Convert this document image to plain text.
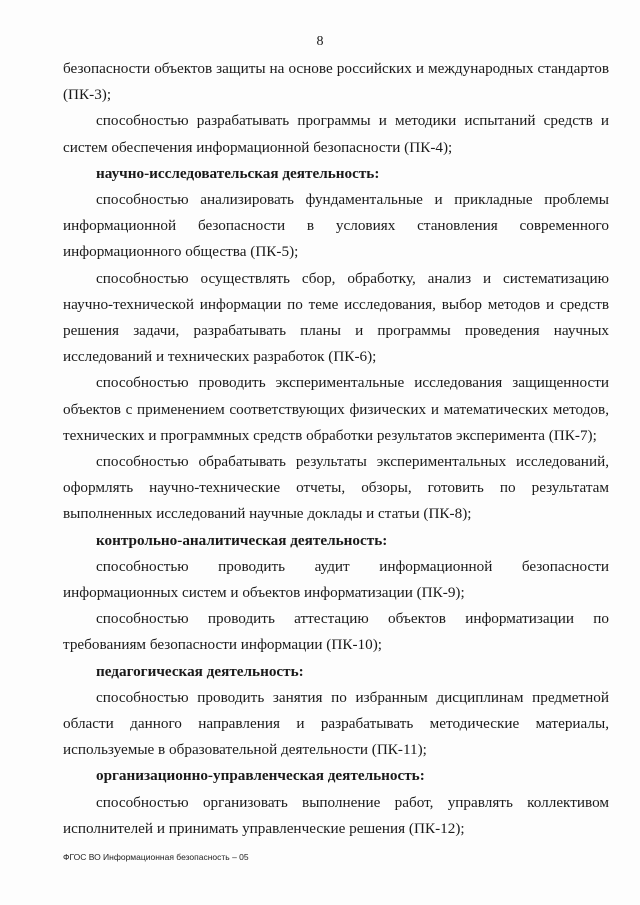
8

безопасности объектов защиты на основе российских и международных стандартов (ПК-3);

способностью разрабатывать программы и методики испытаний средств и систем обеспечения информационной безопасности (ПК-4);

научно-исследовательская деятельность:

способностью анализировать фундаментальные и прикладные проблемы информационной безопасности в условиях становления современного информационного общества (ПК-5);

способностью осуществлять сбор, обработку, анализ и систематизацию научно-технической информации по теме исследования, выбор методов и средств решения задачи, разрабатывать планы и программы проведения научных исследований и технических разработок (ПК-6);

способностью проводить экспериментальные исследования защищенности объектов с применением соответствующих физических и математических методов, технических и программных средств обработки результатов эксперимента (ПК-7);

способностью обрабатывать результаты экспериментальных исследований, оформлять научно-технические отчеты, обзоры, готовить по результатам выполненных исследований научные доклады и статьи (ПК-8);

контрольно-аналитическая деятельность:

способностью проводить аудит информационной безопасности информационных систем и объектов информатизации (ПК-9);

способностью проводить аттестацию объектов информатизации по требованиям безопасности информации (ПК-10);

педагогическая деятельность:

способностью проводить занятия по избранным дисциплинам предметной области данного направления и разрабатывать методические материалы, используемые в образовательной деятельности (ПК-11);

организационно-управленческая деятельность:

способностью организовать выполнение работ, управлять коллективом исполнителей и принимать управленческие решения (ПК-12);

ФГОС ВО Информационная безопасность – 05
